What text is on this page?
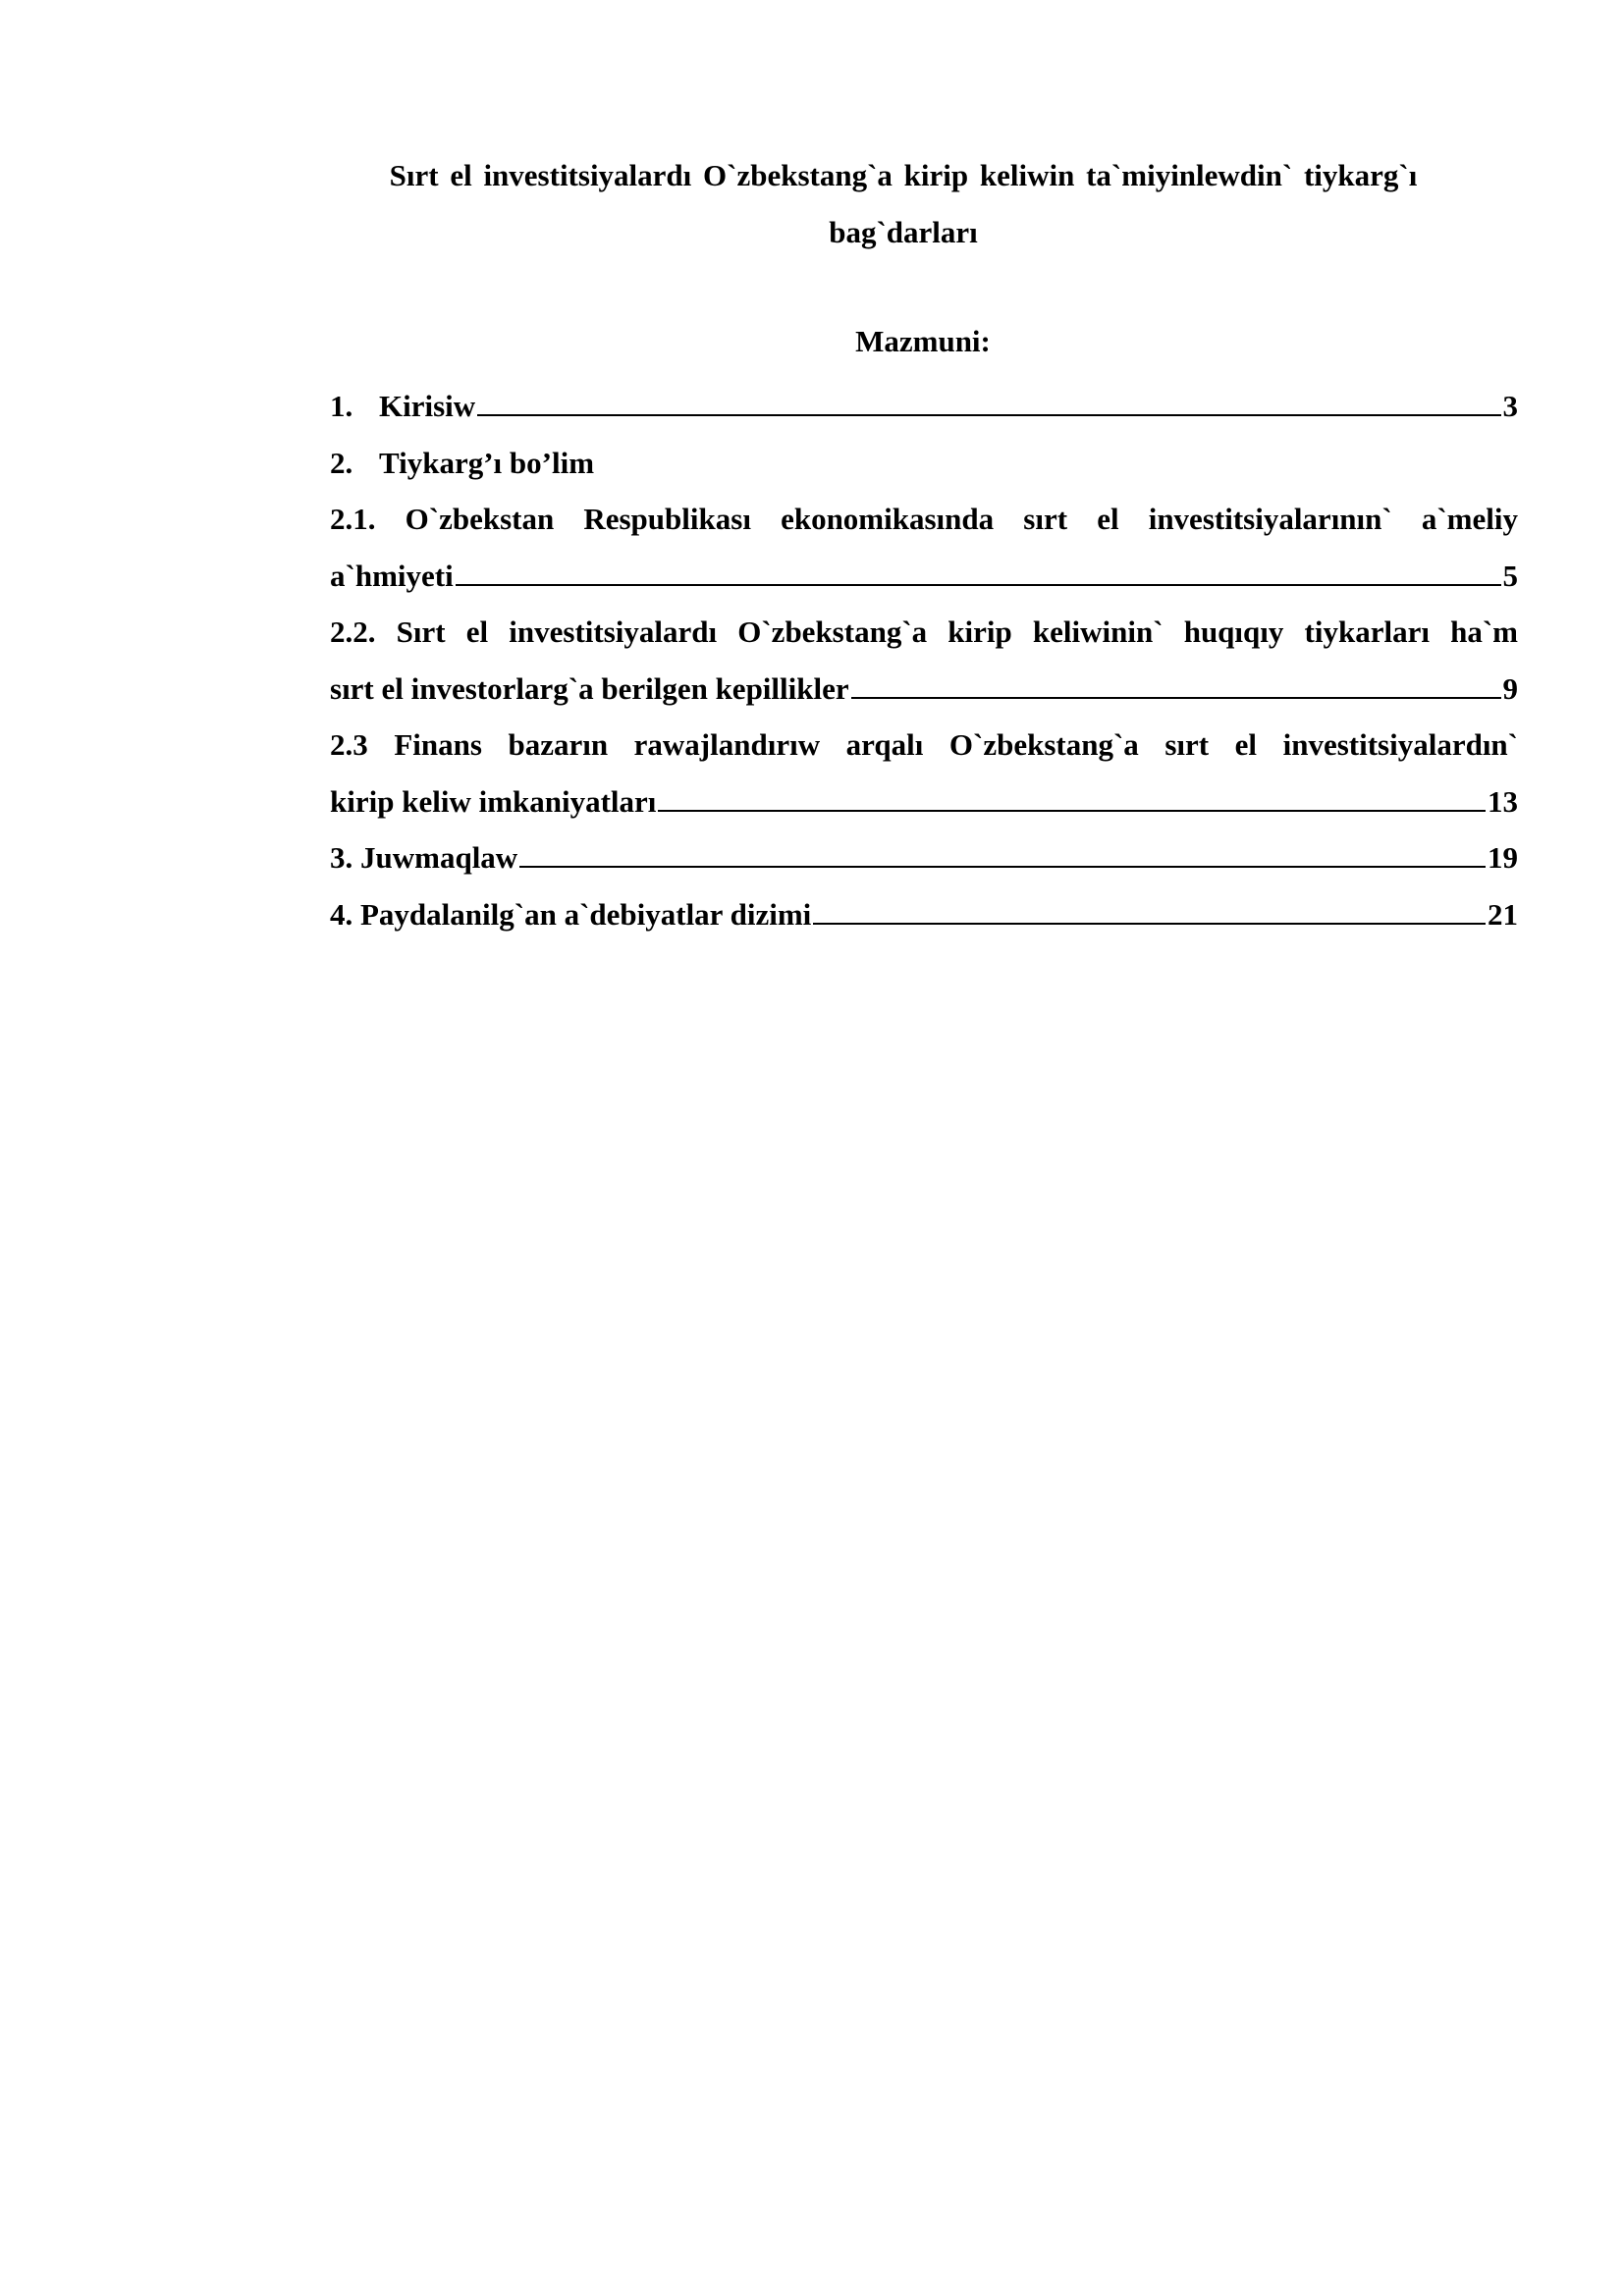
Sırt el investitsiyalardı O`zbekstang`a kirip keliwin ta`miyinlewdin` tiykarg`ı
bag`darları
Mazmuni:
1. Kirisiw	3
2. Tiykarg’ı bo’lim
2.1. O`zbekstan Respublikası ekonomikasında sırt el investitsiyalarının` a`meliy
a`hmiyeti	5
2.2. Sırt el investitsiyalardı O`zbekstang`a kirip keliwinin` huqıqıy tiykarları ha`m
sırt el investorlarg`a berilgen kepillikler	9
2.3 Finans bazarın rawajlandırıw arqalı O`zbekstang`a sırt el investitsiyalardın`
kirip keliw imkaniyatları	13
3. Juwmaqlaw	19
4. Paydalanilg`an a`debiyatlar dizimi	21
